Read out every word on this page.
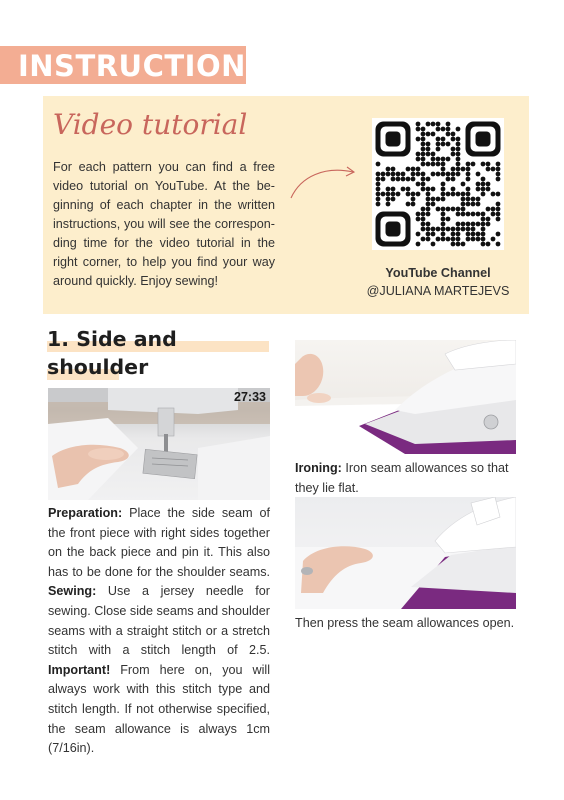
INSTRUCTIONS
Video tutorial

For each pattern you can find a free video tutorial on YouTube. At the beginning of each chapter in the written instructions, you will see the corresponding time for the video tutorial in the right corner, to help you find your way around quickly. Enjoy sewing!

YouTube Channel
@JULIANA MARTEJEVS
1. Side and shoulder

27:33

Preparation: Place the side seam of the front piece with right sides together on the back piece and pin it. This also has to be done for the shoulder seams. Sewing: Use a jersey needle for sewing. Close side seams and shoulder seams with a straight stitch or a stretch stitch with a stitch length of 2.5. Important! From here on, you will always work with this stitch type and stitch length. If not otherwise specified, the seam allowance is always 1cm (7/16in).

Ironing: Iron seam allowances so that they lie flat.

Then press the seam allowances open.
